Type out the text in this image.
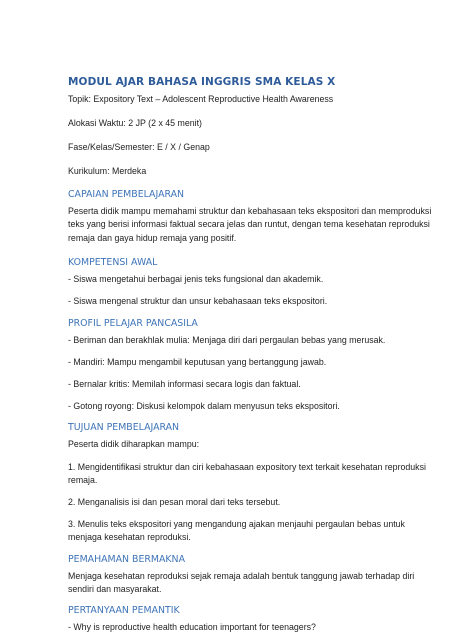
MODUL AJAR BAHASA INGGRIS SMA KELAS X
Topik: Expository Text – Adolescent Reproductive Health Awareness
Alokasi Waktu: 2 JP (2 x 45 menit)
Fase/Kelas/Semester: E / X / Genap
Kurikulum: Merdeka
CAPAIAN PEMBELAJARAN
Peserta didik mampu memahami struktur dan kebahasaan teks ekspositori dan memproduksi teks yang berisi informasi faktual secara jelas dan runtut, dengan tema kesehatan reproduksi remaja dan gaya hidup remaja yang positif.
KOMPETENSI AWAL
- Siswa mengetahui berbagai jenis teks fungsional dan akademik.
- Siswa mengenal struktur dan unsur kebahasaan teks ekspositori.
PROFIL PELAJAR PANCASILA
- Beriman dan berakhlak mulia: Menjaga diri dari pergaulan bebas yang merusak.
- Mandiri: Mampu mengambil keputusan yang bertanggung jawab.
- Bernalar kritis: Memilah informasi secara logis dan faktual.
- Gotong royong: Diskusi kelompok dalam menyusun teks ekspositori.
TUJUAN PEMBELAJARAN
Peserta didik diharapkan mampu:
1. Mengidentifikasi struktur dan ciri kebahasaan expository text terkait kesehatan reproduksi remaja.
2. Menganalisis isi dan pesan moral dari teks tersebut.
3. Menulis teks ekspositori yang mengandung ajakan menjauhi pergaulan bebas untuk menjaga kesehatan reproduksi.
PEMAHAMAN BERMAKNA
Menjaga kesehatan reproduksi sejak remaja adalah bentuk tanggung jawab terhadap diri sendiri dan masyarakat.
PERTANYAAN PEMANTIK
- Why is reproductive health education important for teenagers?
